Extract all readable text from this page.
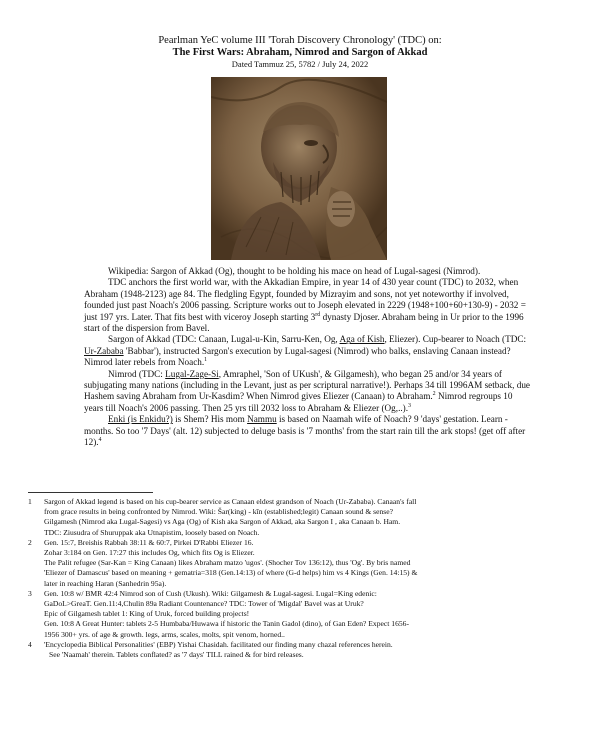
Pearlman YeC volume III 'Torah Discovery Chronology' (TDC) on:
The First Wars: Abraham, Nimrod and Sargon of Akkad
Dated Tammuz 25, 5782 / July 24, 2022

Wikipedia: Sargon of Akkad (Og), thought to be holding his mace on head of Lugal-sagesi (Nimrod).

TDC anchors the first world war, with the Akkadian Empire, in year 14 of 430 year count (TDC) to 2032, when Abraham (1948-2123) age 84. The fledgling Egypt, founded by Mizrayim and sons, not yet noteworthy if involved, founded just past Noach's 2006 passing. Scripture works out to Joseph elevated in 2229 (1948+100+60+130-9) - 2032 = just 197 yrs. Later. That fits best with viceroy Joseph starting 3rd dynasty Djoser. Abraham being in Ur prior to the 1996 start of the dispersion from Bavel.

Sargon of Akkad (TDC: Canaan, Lugal-u-Kin, Sarru-Ken, Og, Aga of Kish, Eliezer). Cup-bearer to Noach (TDC: Ur-Zababa 'Babbar'), instructed Sargon's execution by Lugal-sagesi (Nimrod) who balks, enslaving Canaan instead? Nimrod later rebels from Noach.$^1$

Nimrod (TDC: Lugal-Zage-Si, Amraphel, 'Son of UKush', & Gilgamesh), who began 25 and/or 34 years of subjugating many nations (including in the Levant, just as per scriptural narrative!). Perhaps 34 till 1996AM setback, due Hashem saving Abraham from Ur-Kasdim? When Nimrod gives Eliezer (Canaan) to Abraham.$^2$ Nimrod regroups 10 years till Noach's 2006 passing. Then 25 yrs till 2032 loss to Abraham & Eliezer (Og,..).$^3$

Enki (is Enkidu?) is Shem? His mom Nammu is based on Naamah wife of Noach? 9 'days' gestation. Learn - months. So too '7 Days' (alt. 12) subjected to deluge basis is '7 months' from the start rain till the ark stops! (get off after 12).$^4$

1	Sargon of Akkad legend is based on his cup-bearer service as Canaan eldest grandson of Noach (Ur-Zababa). Canaan's fall
from grace results in being confronted by Nimrod. Wiki: Šar(king) - kīn (established;legit) Canaan sound & sense?
Gilgamesh (Nimrod aka Lugal-Sagesi) vs Aga (Og) of Kish aka Sargon of Akkad, aka Sargon I , aka Canaan b. Ham.
TDC: Ziusudra of Shuruppak aka Utnapistim, loosely based on Noach.
2	Gen. 15:7, Breishis Rabbah 38:11 & 60:7, Pirkei D'Rabbi Eliezer 16.
Zohar 3:184 on Gen. 17:27 this includes Og, which fits Og is Eliezer.
The Palit refugee (Sar-Kan = King Canaan) likes Abraham matzo 'ugos'. (Shocher Tov 136:12), thus 'Og'. By bris named
'Eliezer of Damascus' based on meaning + gematria=318 (Gen.14:13) of where (G-d helps) him vs 4 Kings (Gen. 14:15) &
later in reaching Haran (Sanhedrin 95a).
3	Gen. 10:8 w/ BMR 42:4 Nimrod son of Cush (Ukush). Wiki: Gilgamesh & Lugal-sagesi. Lugal=King edenic:
GaDoL>GreaT. Gen.11:4,Chulin 89a Radiant Countenance? TDC: Tower of 'Migdal' Bavel was at Uruk?
Epic of Gilgamesh tablet 1: King of Uruk, forced building projects!
Gen. 10:8 A Great Hunter: tablets 2-5 Humbaba/Huwawa if historic the Tanin Gadol (dino), of Gan Eden? Expect 1656-
1956 300+ yrs. of age & growth. legs, arms, scales, molts, spit venom, horned..
4	'Encyclopedia Biblical Personalities' (EBP) Yishai Chasidah. facilitated our finding many chazal references herein.
See 'Naamah' therein. Tablets conflated? as '7 days' TILL rained & for bird releases.
